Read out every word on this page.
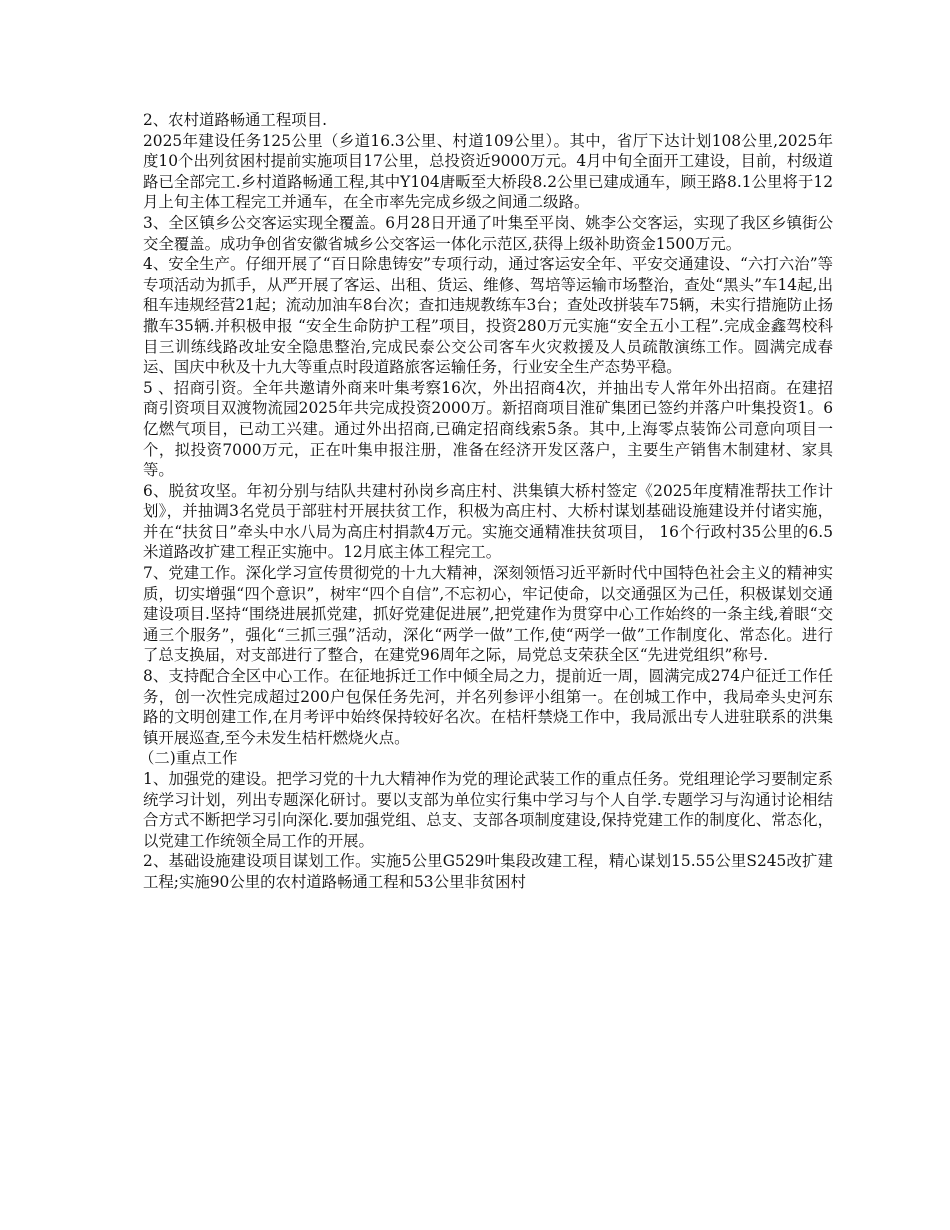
2、农村道路畅通工程项目.

2025年建设任务125公里（乡道16.3公里、村道109公里）。其中，省厅下达计划108公里,2025年度10个出列贫困村提前实施项目17公里，总投资近9000万元。4月中旬全面开工建设，目前，村级道路已全部完工.乡村道路畅通工程,其中Y104唐畈至大桥段8.2公里已建成通车，顾王路8.1公里将于12月上旬主体工程完工并通车，在全市率先完成乡级之间通二级路。

3、全区镇乡公交客运实现全覆盖。6月28日开通了叶集至平岗、姚李公交客运，实现了我区乡镇街公交全覆盖。成功争创省安徽省城乡公交客运一体化示范区,获得上级补助资金1500万元。

4、安全生产。仔细开展了“百日除患铸安”专项行动，通过客运安全年、平安交通建设、“六打六治”等专项活动为抓手，从严开展了客运、出租、货运、维修、驾培等运输市场整治，查处“黑头”车14起,出租车违规经营21起；流动加油车8台次；查扣违规教练车3台；查处改拼装车75辆，未实行措施防止扬撒车35辆.并积极申报 “安全生命防护工程”项目，投资280万元实施“安全五小工程”.完成金鑫驾校科目三训练线路改址安全隐患整治,完成民泰公交公司客车火灾救援及人员疏散演练工作。圆满完成春运、国庆中秋及十九大等重点时段道路旅客运输任务，行业安全生产态势平稳。

5 、招商引资。全年共邀请外商来叶集考察16次，外出招商4次，并抽出专人常年外出招商。在建招商引资项目双渡物流园2025年共完成投资2000万。新招商项目淮矿集团已签约并落户叶集投资1。6亿燃气项目，已动工兴建。通过外出招商,已确定招商线索5条。其中,上海零点装饰公司意向项目一个，拟投资7000万元，正在叶集申报注册，准备在经济开发区落户，主要生产销售木制建材、家具等。

6、脱贫攻坚。年初分别与结队共建村孙岗乡高庄村、洪集镇大桥村签定《2025年度精准帮扶工作计划》，并抽调3名党员于部驻村开展扶贫工作，积极为高庄村、大桥村谋划基础设施建设并付诸实施，并在“扶贫日”牵头中水八局为高庄村捐款4万元。实施交通精准扶贫项目， 16个行政村35公里的6.5米道路改扩建工程正实施中。12月底主体工程完工。

7、党建工作。深化学习宣传贯彻党的十九大精神，深刻领悟习近平新时代中国特色社会主义的精神实质，切实增强“四个意识”，树牢“四个自信”,不忘初心，牢记使命，以交通强区为己任，积极谋划交通建设项目.坚持“围绕进展抓党建，抓好党建促进展”,把党建作为贯穿中心工作始终的一条主线,着眼“交通三个服务”，强化“三抓三强”活动，深化“两学一做”工作,使“两学一做”工作制度化、常态化。进行了总支换届，对支部进行了整合，在建党96周年之际，局党总支荣获全区“先进党组织”称号.

8、支持配合全区中心工作。在征地拆迁工作中倾全局之力，提前近一周，圆满完成274户征迁工作任务，创一次性完成超过200户包保任务先河，并名列参评小组第一。在创城工作中，我局牵头史河东路的文明创建工作,在月考评中始终保持较好名次。在桔杆禁烧工作中，我局派出专人进驻联系的洪集镇开展巡查,至今未发生桔杆燃烧火点。

（二)重点工作

1、加强党的建设。把学习党的十九大精神作为党的理论武装工作的重点任务。党组理论学习要制定系统学习计划，列出专题深化研讨。要以支部为单位实行集中学习与个人自学.专题学习与沟通讨论相结合方式不断把学习引向深化.要加强党组、总支、支部各项制度建设,保持党建工作的制度化、常态化，以党建工作统领全局工作的开展。

2、基础设施建设项目谋划工作。实施5公里G529叶集段改建工程，精心谋划15.55公里S245改扩建工程;实施90公里的农村道路畅通工程和53公里非贫困村
